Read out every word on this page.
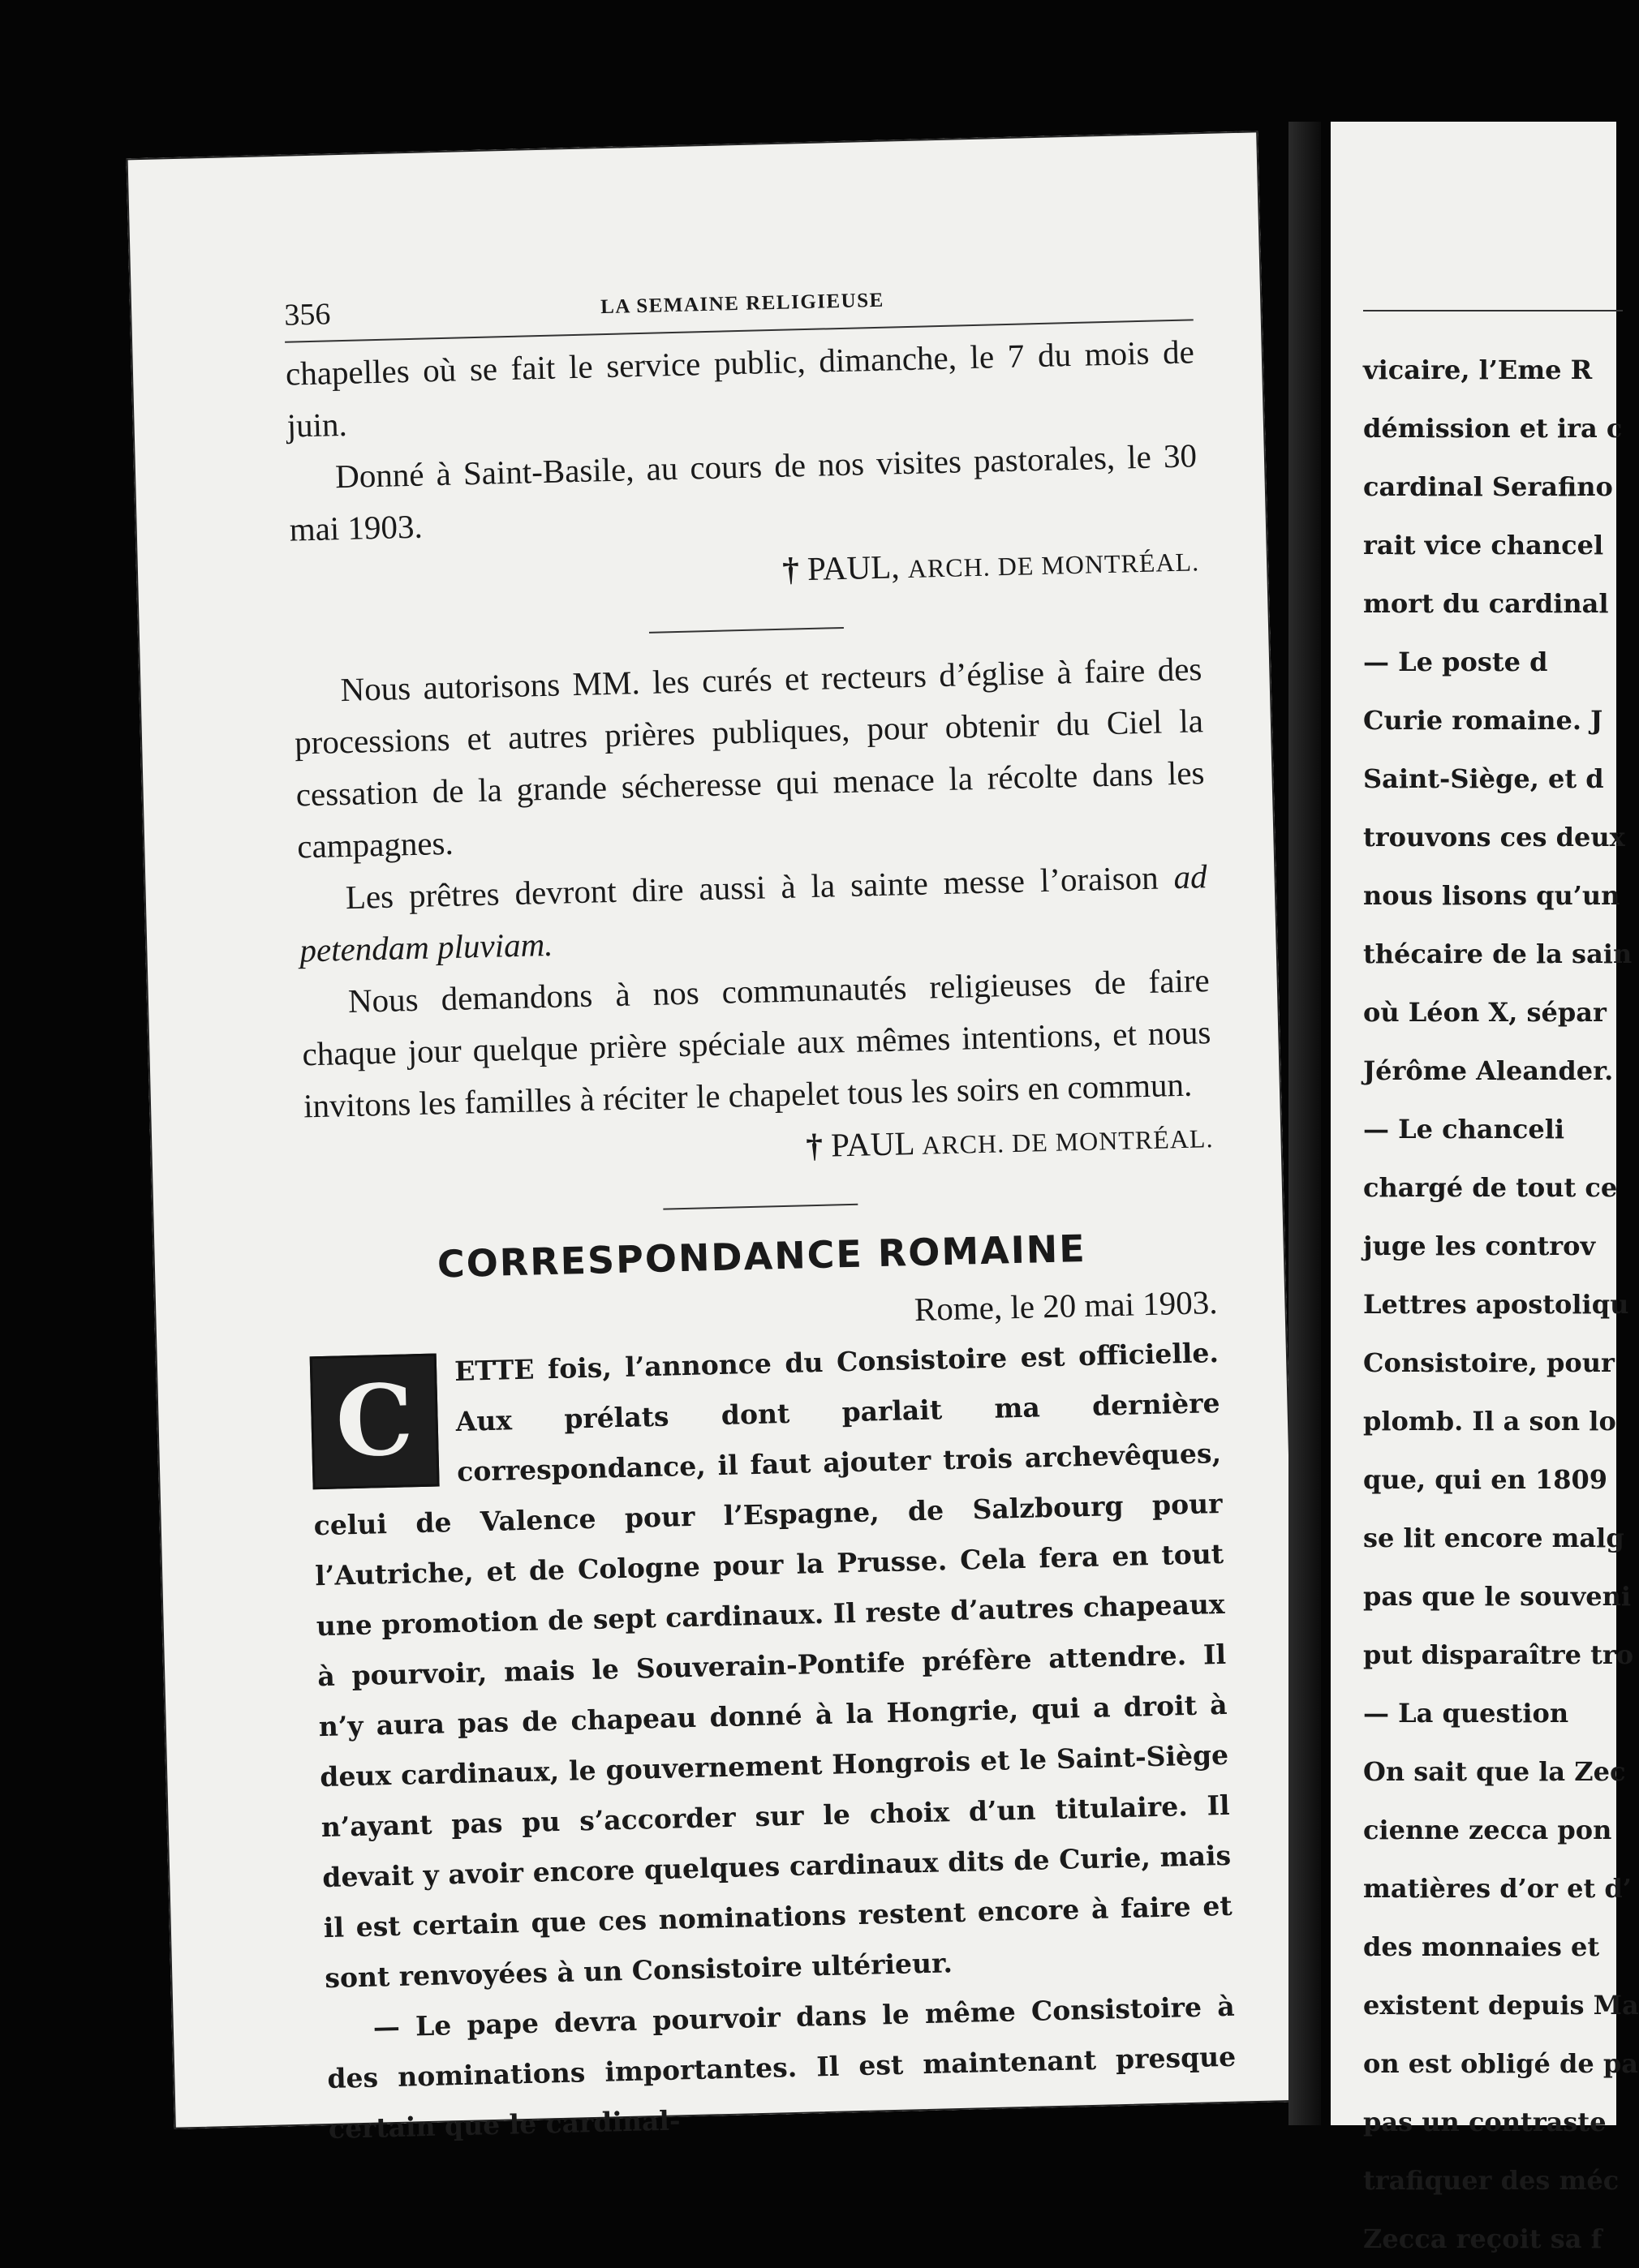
356	LA SEMAINE RELIGIEUSE

chapelles où se fait le service public, dimanche, le 7 du mois de juin.

Donné à Saint-Basile, au cours de nos visites pastorales, le 30 mai 1903.

† PAUL, ARCH. DE MONTRÉAL.

Nous autorisons MM. les curés et recteurs d’église à faire des processions et autres prières publiques, pour obtenir du Ciel la cessation de la grande sécheresse qui menace la récolte dans les campagnes.

Les prêtres devront dire aussi à la sainte messe l’oraison ad petendam pluviam.

Nous demandons à nos communautés religieuses de faire chaque jour quelque prière spéciale aux mêmes intentions, et nous invitons les familles à réciter le chapelet tous les soirs en commun.

† PAUL ARCH. DE MONTRÉAL.

CORRESPONDANCE ROMAINE

Rome, le 20 mai 1903.

C

ETTE fois, l’annonce du Consistoire est officielle. Aux prélats dont parlait ma dernière correspondance, il faut ajouter trois archevêques, celui de Valence pour l’Espagne, de Salzbourg pour l’Autriche, et de Cologne pour la Prusse. Cela fera en tout une promotion de sept cardinaux. Il reste d’autres chapeaux à pourvoir, mais le Souverain-Pontife préfère attendre. Il n’y aura pas de chapeau donné à la Hongrie, qui a droit à deux cardinaux, le gouvernement Hongrois et le Saint-Siège n’ayant pas pu s’accorder sur le choix d’un titulaire. Il devait y avoir encore quelques cardinaux dits de Curie, mais il est certain que ces nominations restent encore à faire et sont renvoyées à un Consistoire ultérieur.

— Le pape devra pourvoir dans le même Consistoire à des nominations importantes. Il est maintenant presque certain que le cardinal-

vicaire, l’Eme R
démission et ira c
cardinal Serafino
rait vice chancel
mort du cardinal
— Le poste d
Curie romaine. J
Saint-Siège, et d
trouvons ces deux
nous lisons qu’un
thécaire de la sain
où Léon X, sépar
Jérôme Aleander.
— Le chanceli
chargé de tout ce
juge les controv
Lettres apostoliqu
Consistoire, pour
plomb. Il a son lo
que, qui en 1809
se lit encore malg
pas que le souveni
put disparaître tro
— La question
On sait que la Zec
cienne zecca pon
matières d’or et d’
des monnaies et
existent depuis Ma
on est obligé de pa
pas un contraste
trafiquer des méc
Zecca reçoit sa f
